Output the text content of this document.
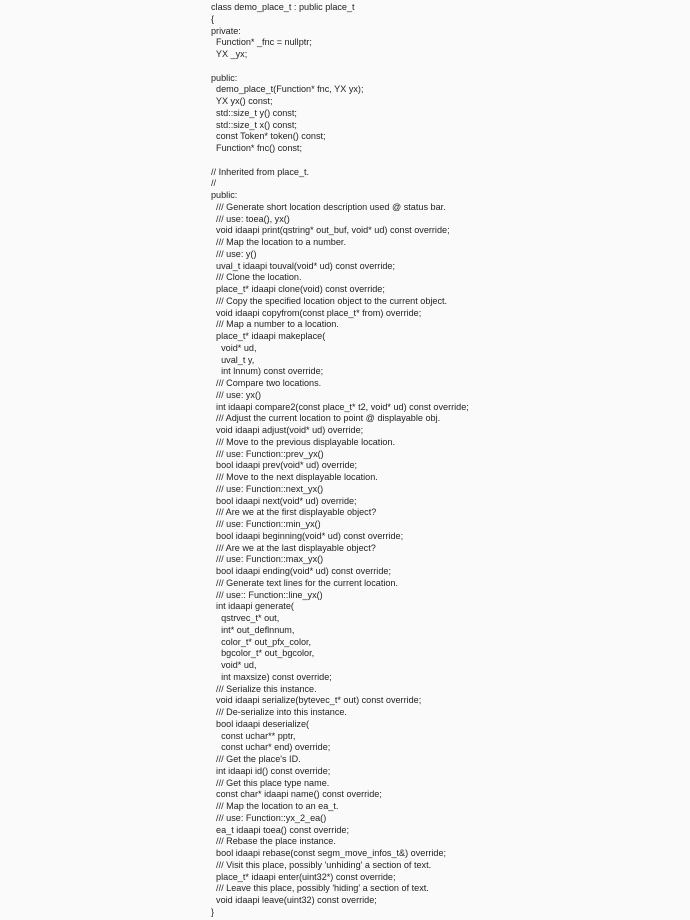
class demo_place_t : public place_t
{
private:
Function* _fnc = nullptr;
YX _yx;
public:
demo_place_t(Function* fnc, YX yx);
YX yx() const;
std::size_t y() const;
std::size_t x() const;
const Token* token() const;
Function* fnc() const;
// Inherited from place_t.
//
public:
/// Generate short location description used @ status bar.
/// use: toea(), yx()
void idaapi print(qstring* out_buf, void* ud) const override;
/// Map the location to a number.
/// use: y()
uval_t idaapi touval(void* ud) const override;
/// Clone the location.
place_t* idaapi clone(void) const override;
/// Copy the specified location object to the current object.
void idaapi copyfrom(const place_t* from) override;
/// Map a number to a location.
place_t* idaapi makeplace(
void* ud,
uval_t y,
int lnnum) const override;
/// Compare two locations.
/// use: yx()
int idaapi compare2(const place_t* t2, void* ud) const override;
/// Adjust the current location to point @ displayable obj.
void idaapi adjust(void* ud) override;
/// Move to the previous displayable location.
/// use: Function::prev_yx()
bool idaapi prev(void* ud) override;
/// Move to the next displayable location.
/// use: Function::next_yx()
bool idaapi next(void* ud) override;
/// Are we at the first displayable object?
/// use: Function::min_yx()
bool idaapi beginning(void* ud) const override;
/// Are we at the last displayable object?
/// use: Function::max_yx()
bool idaapi ending(void* ud) const override;
/// Generate text lines for the current location.
/// use:: Function::line_yx()
int idaapi generate(
qstrvec_t* out,
int* out_deflnnum,
color_t* out_pfx_color,
bgcolor_t* out_bgcolor,
void* ud,
int maxsize) const override;
/// Serialize this instance.
void idaapi serialize(bytevec_t* out) const override;
/// De-serialize into this instance.
bool idaapi deserialize(
const uchar** pptr,
const uchar* end) override;
/// Get the place's ID.
int idaapi id() const override;
/// Get this place type name.
const char* idaapi name() const override;
/// Map the location to an ea_t.
/// use: Function::yx_2_ea()
ea_t idaapi toea() const override;
/// Rebase the place instance.
bool idaapi rebase(const segm_move_infos_t&) override;
/// Visit this place, possibly 'unhiding' a section of text.
place_t* idaapi enter(uint32*) const override;
/// Leave this place, possibly 'hiding' a section of text.
void idaapi leave(uint32) const override;
}
